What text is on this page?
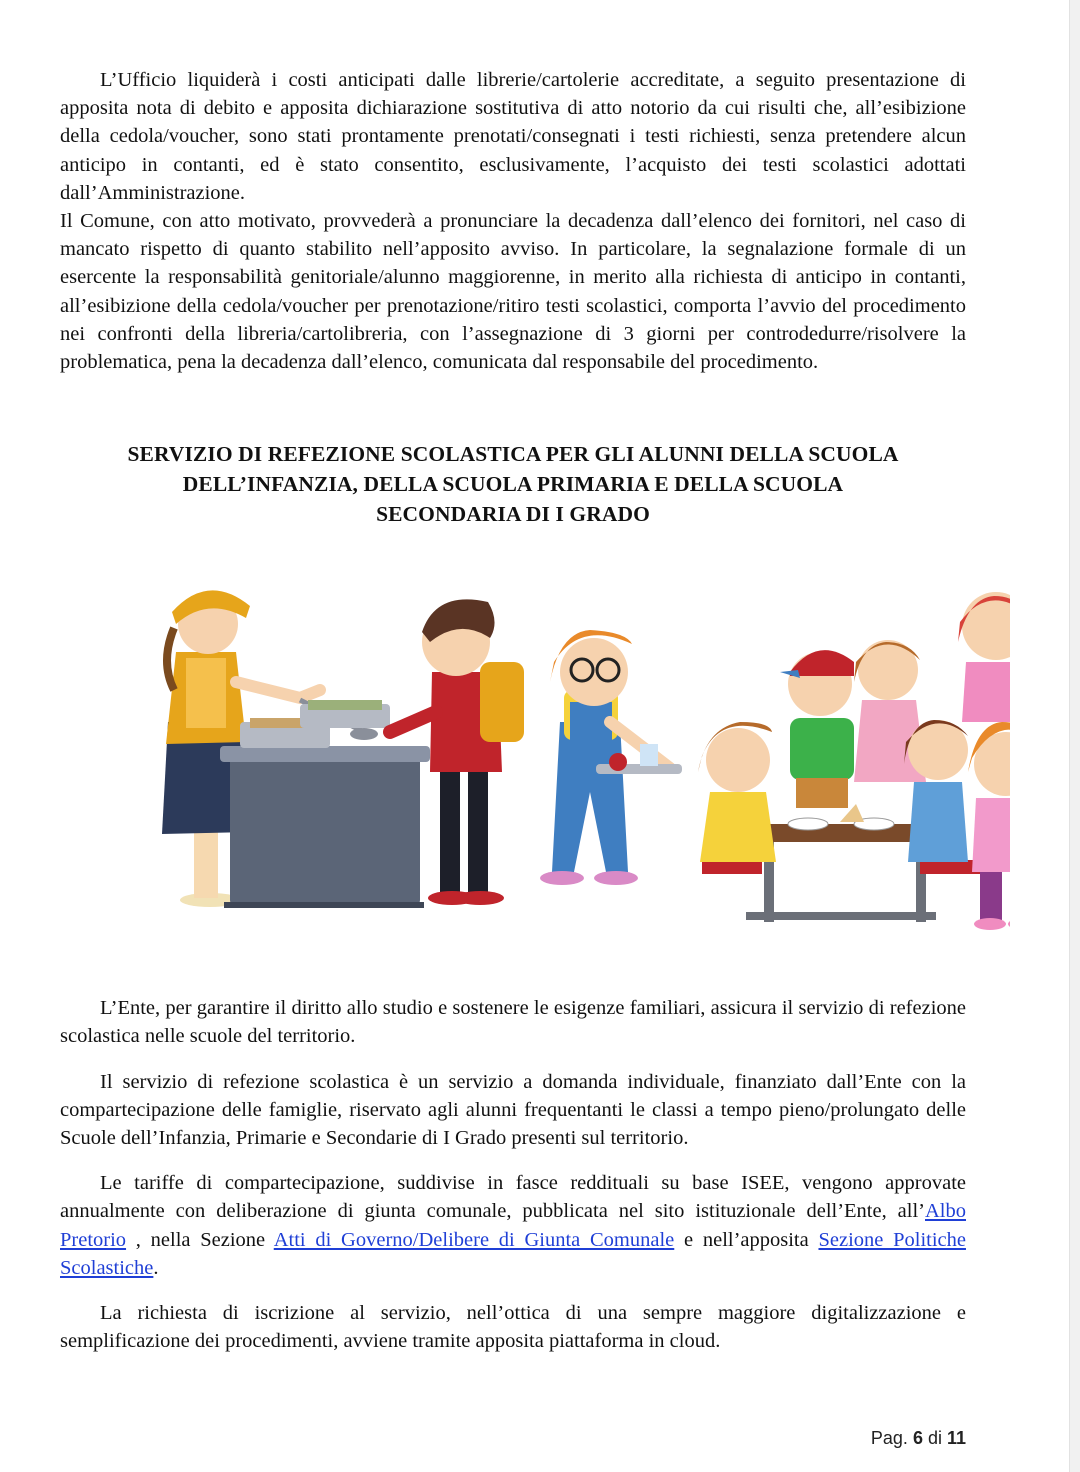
L’Ufficio liquiderà i costi anticipati dalle librerie/cartolerie accreditate, a seguito presentazione di apposita nota di debito e apposita dichiarazione sostitutiva di atto notorio da cui risulti che, all’esibizione della cedola/voucher, sono stati prontamente prenotati/consegnati i testi richiesti, senza pretendere alcun anticipo in contanti, ed è stato consentito, esclusivamente, l’acquisto dei testi scolastici adottati dall’Amministrazione.

Il Comune, con atto motivato, provvederà a pronunciare la decadenza dall’elenco dei fornitori, nel caso di mancato rispetto di quanto stabilito nell’apposito avviso. In particolare, la segnalazione formale di un esercente la responsabilità genitoriale/alunno maggiorenne, in merito alla richiesta di anticipo in contanti, all’esibizione della cedola/voucher per prenotazione/ritiro testi scolastici, comporta l’avvio del procedimento nei confronti della libreria/cartolibreria, con l’assegnazione di 3 giorni per controdedurre/risolvere la problematica, pena la decadenza dall’elenco, comunicata dal responsabile del procedimento.

SERVIZIO DI REFEZIONE SCOLASTICA PER GLI ALUNNI DELLA SCUOLA
DELL’INFANZIA, DELLA SCUOLA PRIMARIA E DELLA SCUOLA
SECONDARIA DI I GRADO

L’Ente, per garantire il diritto allo studio e sostenere le esigenze familiari, assicura il servizio di refezione scolastica nelle scuole del territorio.

Il servizio di refezione scolastica è un servizio a domanda individuale, finanziato dall’Ente con la compartecipazione delle famiglie, riservato agli alunni frequentanti le classi a tempo pieno/prolungato delle Scuole dell’Infanzia, Primarie e Secondarie di I Grado presenti sul territorio.

Le tariffe di compartecipazione, suddivise in fasce reddituali su base ISEE, vengono approvate annualmente con deliberazione di giunta comunale, pubblicata nel sito istituzionale dell’Ente, all’Albo Pretorio , nella Sezione Atti di Governo/Delibere di Giunta Comunale e nell’apposita Sezione Politiche Scolastiche.

La richiesta di iscrizione al servizio, nell’ottica di una sempre maggiore digitalizzazione e semplificazione dei procedimenti, avviene tramite apposita piattaforma in cloud.

Pag. 6 di 11
